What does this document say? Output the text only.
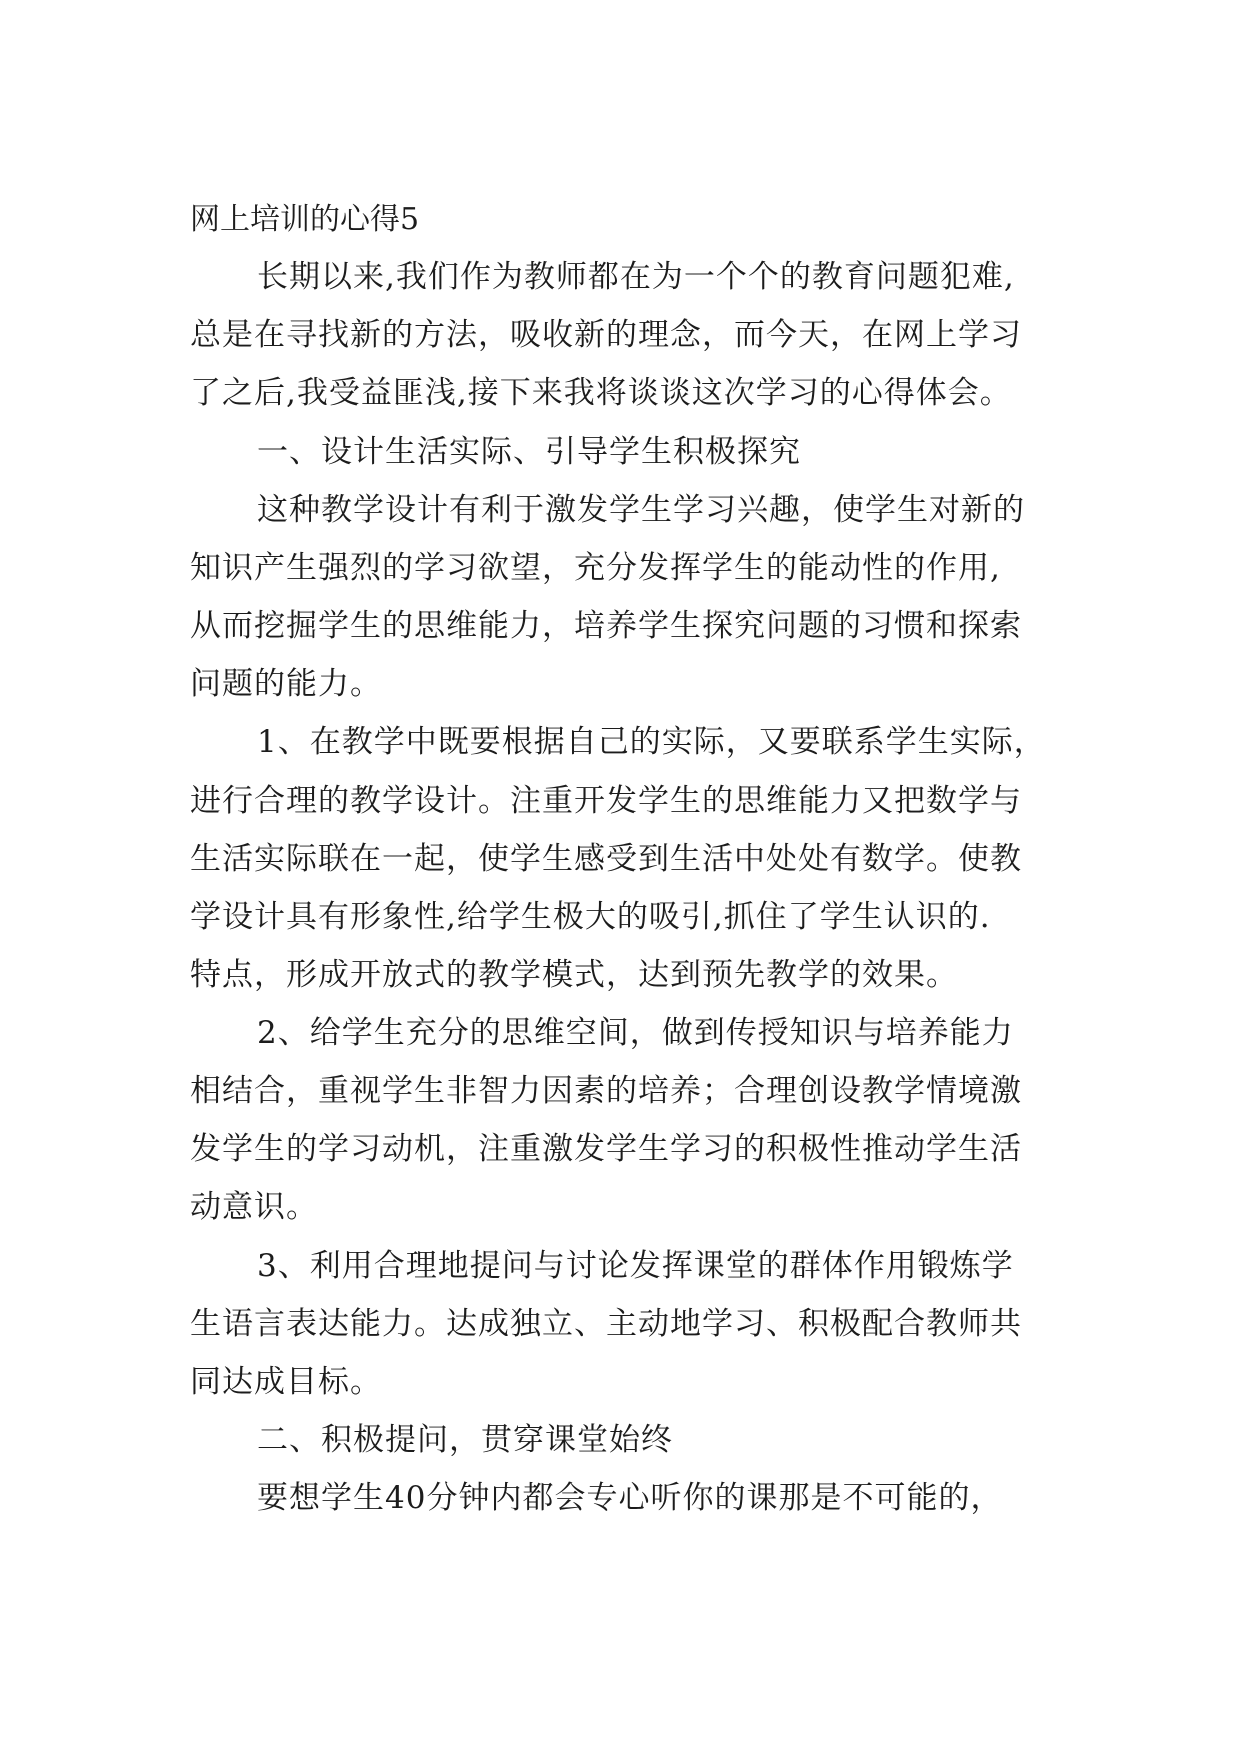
网上培训的心得5
长期以来,我们作为教师都在为一个个的教育问题犯难,
总是在寻找新的方法，吸收新的理念，而今天，在网上学习
了之后,我受益匪浅,接下来我将谈谈这次学习的心得体会。
一、设计生活实际、引导学生积极探究
这种教学设计有利于激发学生学习兴趣，使学生对新的
知识产生强烈的学习欲望，充分发挥学生的能动性的作用,
从而挖掘学生的思维能力，培养学生探究问题的习惯和探索
问题的能力。
1、在教学中既要根据自己的实际，又要联系学生实际，
进行合理的教学设计。注重开发学生的思维能力又把数学与
生活实际联在一起，使学生感受到生活中处处有数学。使教
学设计具有形象性,给学生极大的吸引,抓住了学生认识的.
特点，形成开放式的教学模式，达到预先教学的效果。
2、给学生充分的思维空间，做到传授知识与培养能力
相结合，重视学生非智力因素的培养；合理创设教学情境激
发学生的学习动机，注重激发学生学习的积极性推动学生活
动意识。
3、利用合理地提问与讨论发挥课堂的群体作用锻炼学
生语言表达能力。达成独立、主动地学习、积极配合教师共
同达成目标。
二、积极提问，贯穿课堂始终
要想学生40分钟内都会专心听你的课那是不可能的，
